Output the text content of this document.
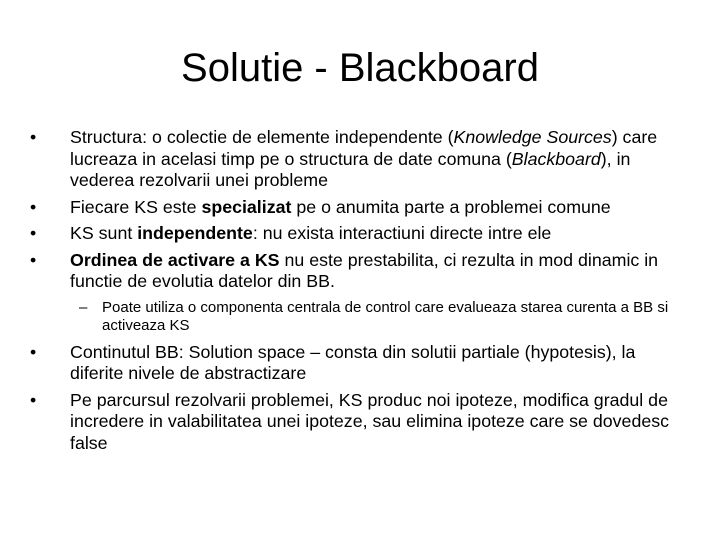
Solutie - Blackboard
• Structura: o colectie de elemente independente (Knowledge Sources) care lucreaza in acelasi timp pe o structura de date comuna (Blackboard), in vederea rezolvarii unei probleme
• Fiecare KS este specializat pe o anumita parte a problemei comune
• KS sunt independente: nu exista interactiuni directe intre ele
• Ordinea de activare a KS nu este prestabilita, ci rezulta in mod dinamic in functie de evolutia datelor din BB.
– Poate utiliza o componenta centrala de control care evalueaza starea curenta a BB si activeaza KS
• Continutul BB: Solution space – consta din solutii partiale (hypotesis), la diferite nivele de abstractizare
• Pe parcursul rezolvarii problemei, KS produc noi ipoteze, modifica gradul de incredere in valabilitatea unei ipoteze, sau elimina ipoteze care se dovedesc false
